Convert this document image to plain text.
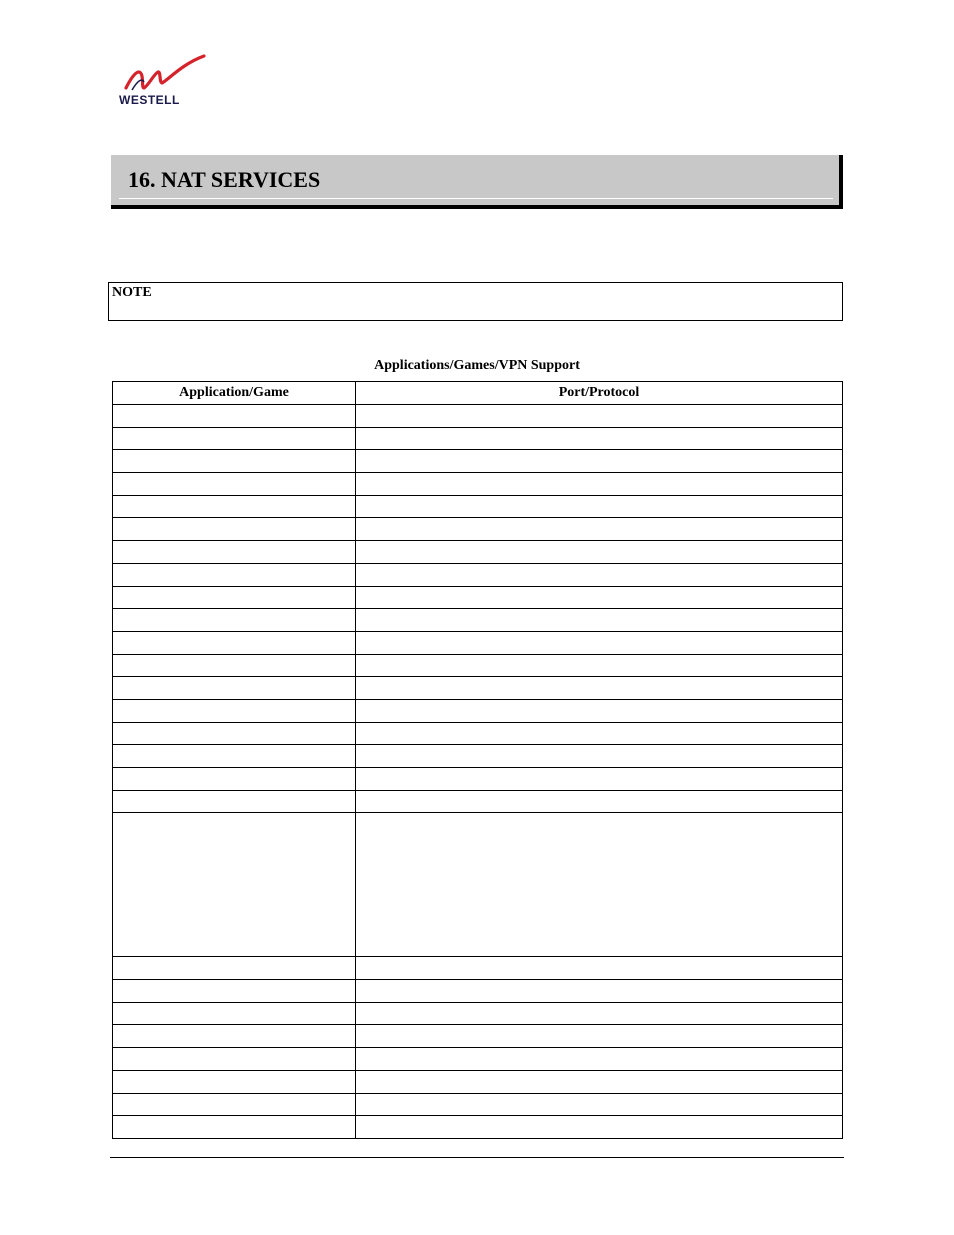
WESTELL
16. NAT SERVICES
NOTE
Applications/Games/VPN Support
Application/Game	Port/Protocol
